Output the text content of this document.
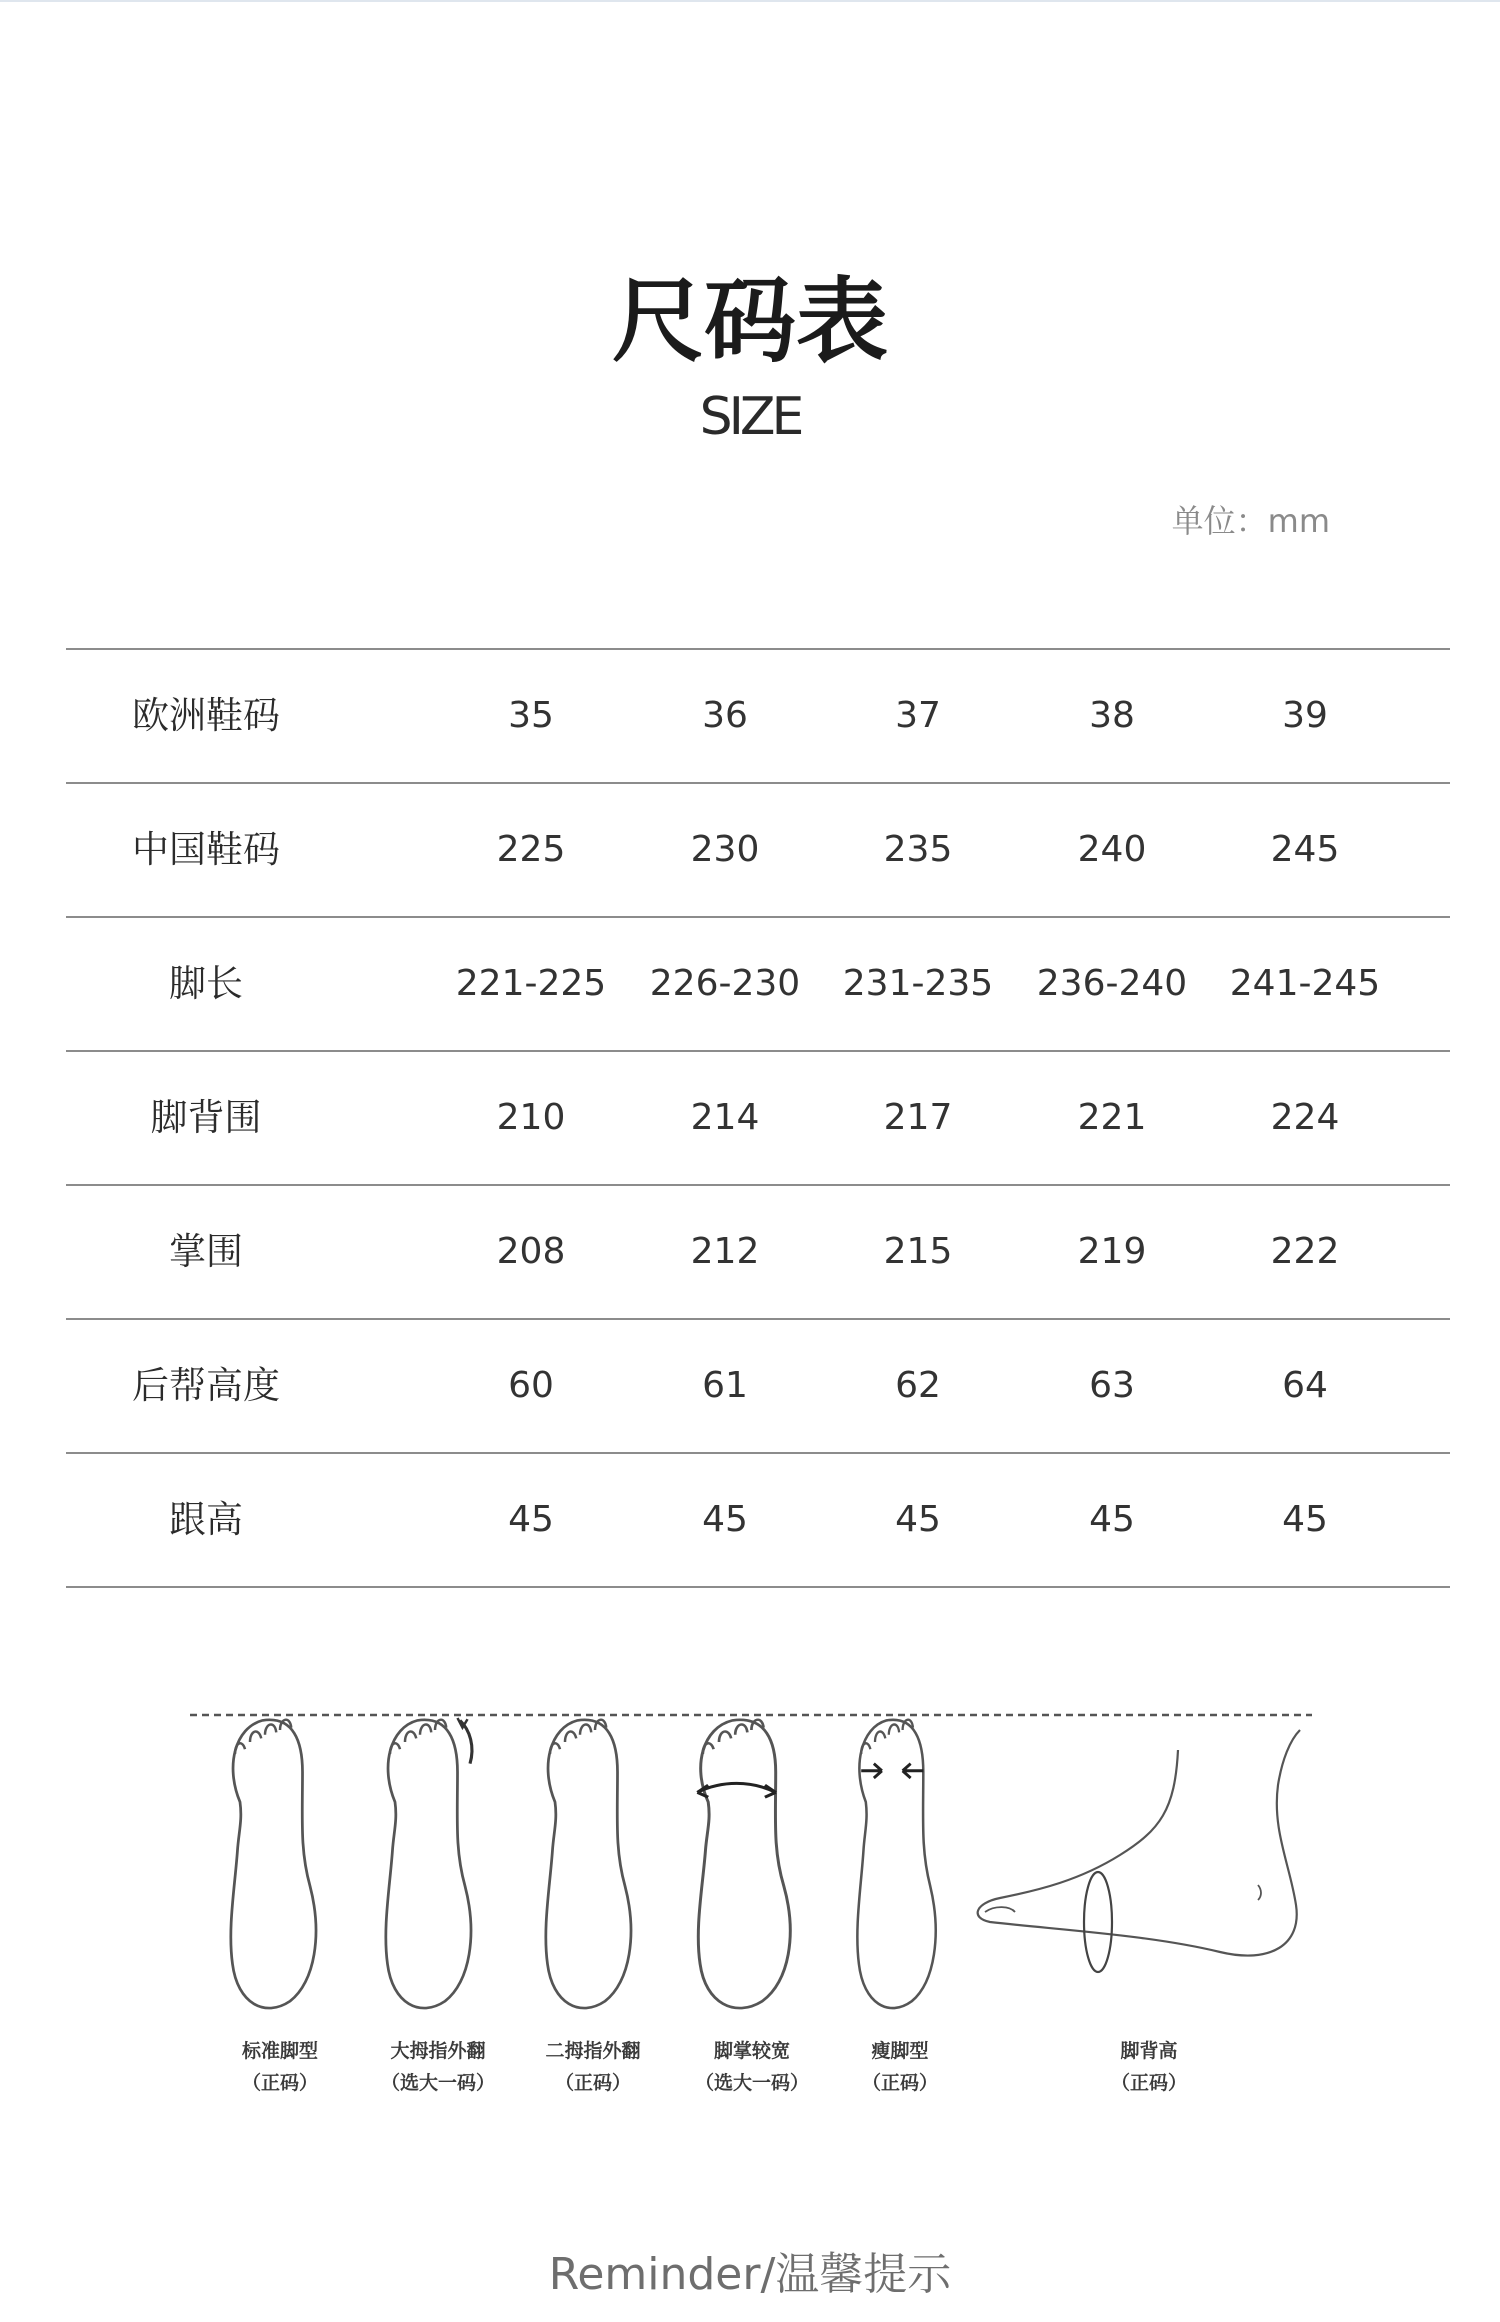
尺码表
SIZE
单位：mm
欧洲鞋码	35	36	37	38	39
中国鞋码	225	230	235	240	245
脚长	221-225	226-230	231-235	236-240	241-245
脚背围	210	214	217	221	224
掌围	208	212	215	219	222
后帮高度	60	61	62	63	64
跟高	45	45	45	45	45
标准脚型
（正码）
大拇指外翻
（选大一码）
二拇指外翻
（正码）
脚掌较宽
（选大一码）
瘦脚型
（正码）
脚背高
（正码）
Reminder/温馨提示
